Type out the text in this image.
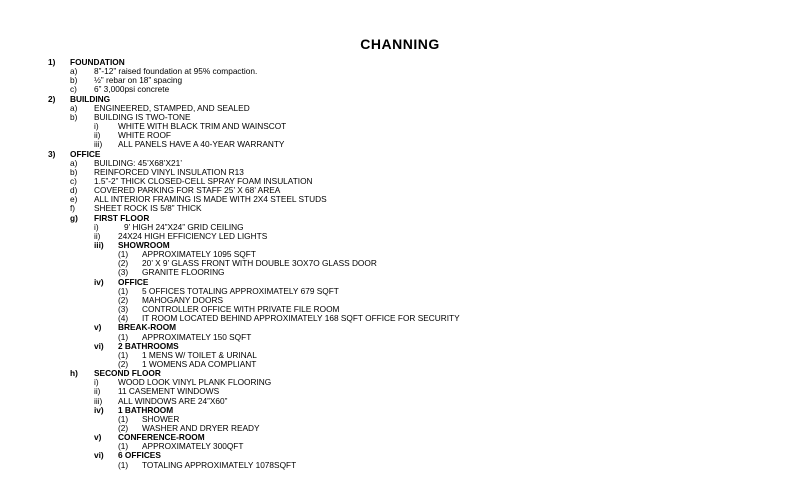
CHANNING
1) FOUNDATION
a) 8”-12” raised foundation at 95% compaction.
b) ½” rebar on 18” spacing
c) 6” 3,000psi concrete
2) BUILDING
a) ENGINEERED, STAMPED, AND SEALED
b) BUILDING IS TWO-TONE
i) WHITE WITH BLACK TRIM AND WAINSCOT
ii) WHITE ROOF
iii) ALL PANELS HAVE A 40-YEAR WARRANTY
3) OFFICE
a) BUILDING: 45’X68’X21’
b) REINFORCED VINYL INSULATION R13
c) 1.5”-2” THICK CLOSED-CELL SPRAY FOAM INSULATION
d) COVERED PARKING FOR STAFF 25’ X 68’ AREA
e) ALL INTERIOR FRAMING IS MADE WITH 2X4 STEEL STUDS
f) SHEET ROCK IS 5/8” THICK
g) FIRST FLOOR
i)	9’ HIGH 24”X24” GRID CEILING
ii) 24X24 HIGH EFFICIENCY LED LIGHTS
iii) SHOWROOM
(1) APPROXIMATELY 1095 SQFT
(2) 20’ X 9’ GLASS FRONT WITH DOUBLE 3OX7O GLASS DOOR
(3) GRANITE FLOORING
iv) OFFICE
(1) 5 OFFICES TOTALING APPROXIMATELY 679 SQFT
(2) MAHOGANY DOORS
(3) CONTROLLER OFFICE WITH PRIVATE FILE ROOM
(4) IT ROOM LOCATED BEHIND APPROXIMATELY 168 SQFT OFFICE FOR SECURITY
v) BREAK-ROOM
(1) APPROXIMATELY 150 SQFT
vi) 2 BATHROOMS
(1) 1 MENS W/ TOILET & URINAL
(2) 1 WOMENS ADA COMPLIANT
h) SECOND FLOOR
i) WOOD LOOK VINYL PLANK FLOORING
ii) 11 CASEMENT WINDOWS
iii) ALL WINDOWS ARE 24”X60”
iv) 1 BATHROOM
(1) SHOWER
(2) WASHER AND DRYER READY
v) CONFERENCE-ROOM
(1) APPROXIMATELY 300QFT
vi) 6 OFFICES
(1) TOTALING APPROXIMATELY 1078SQFT
